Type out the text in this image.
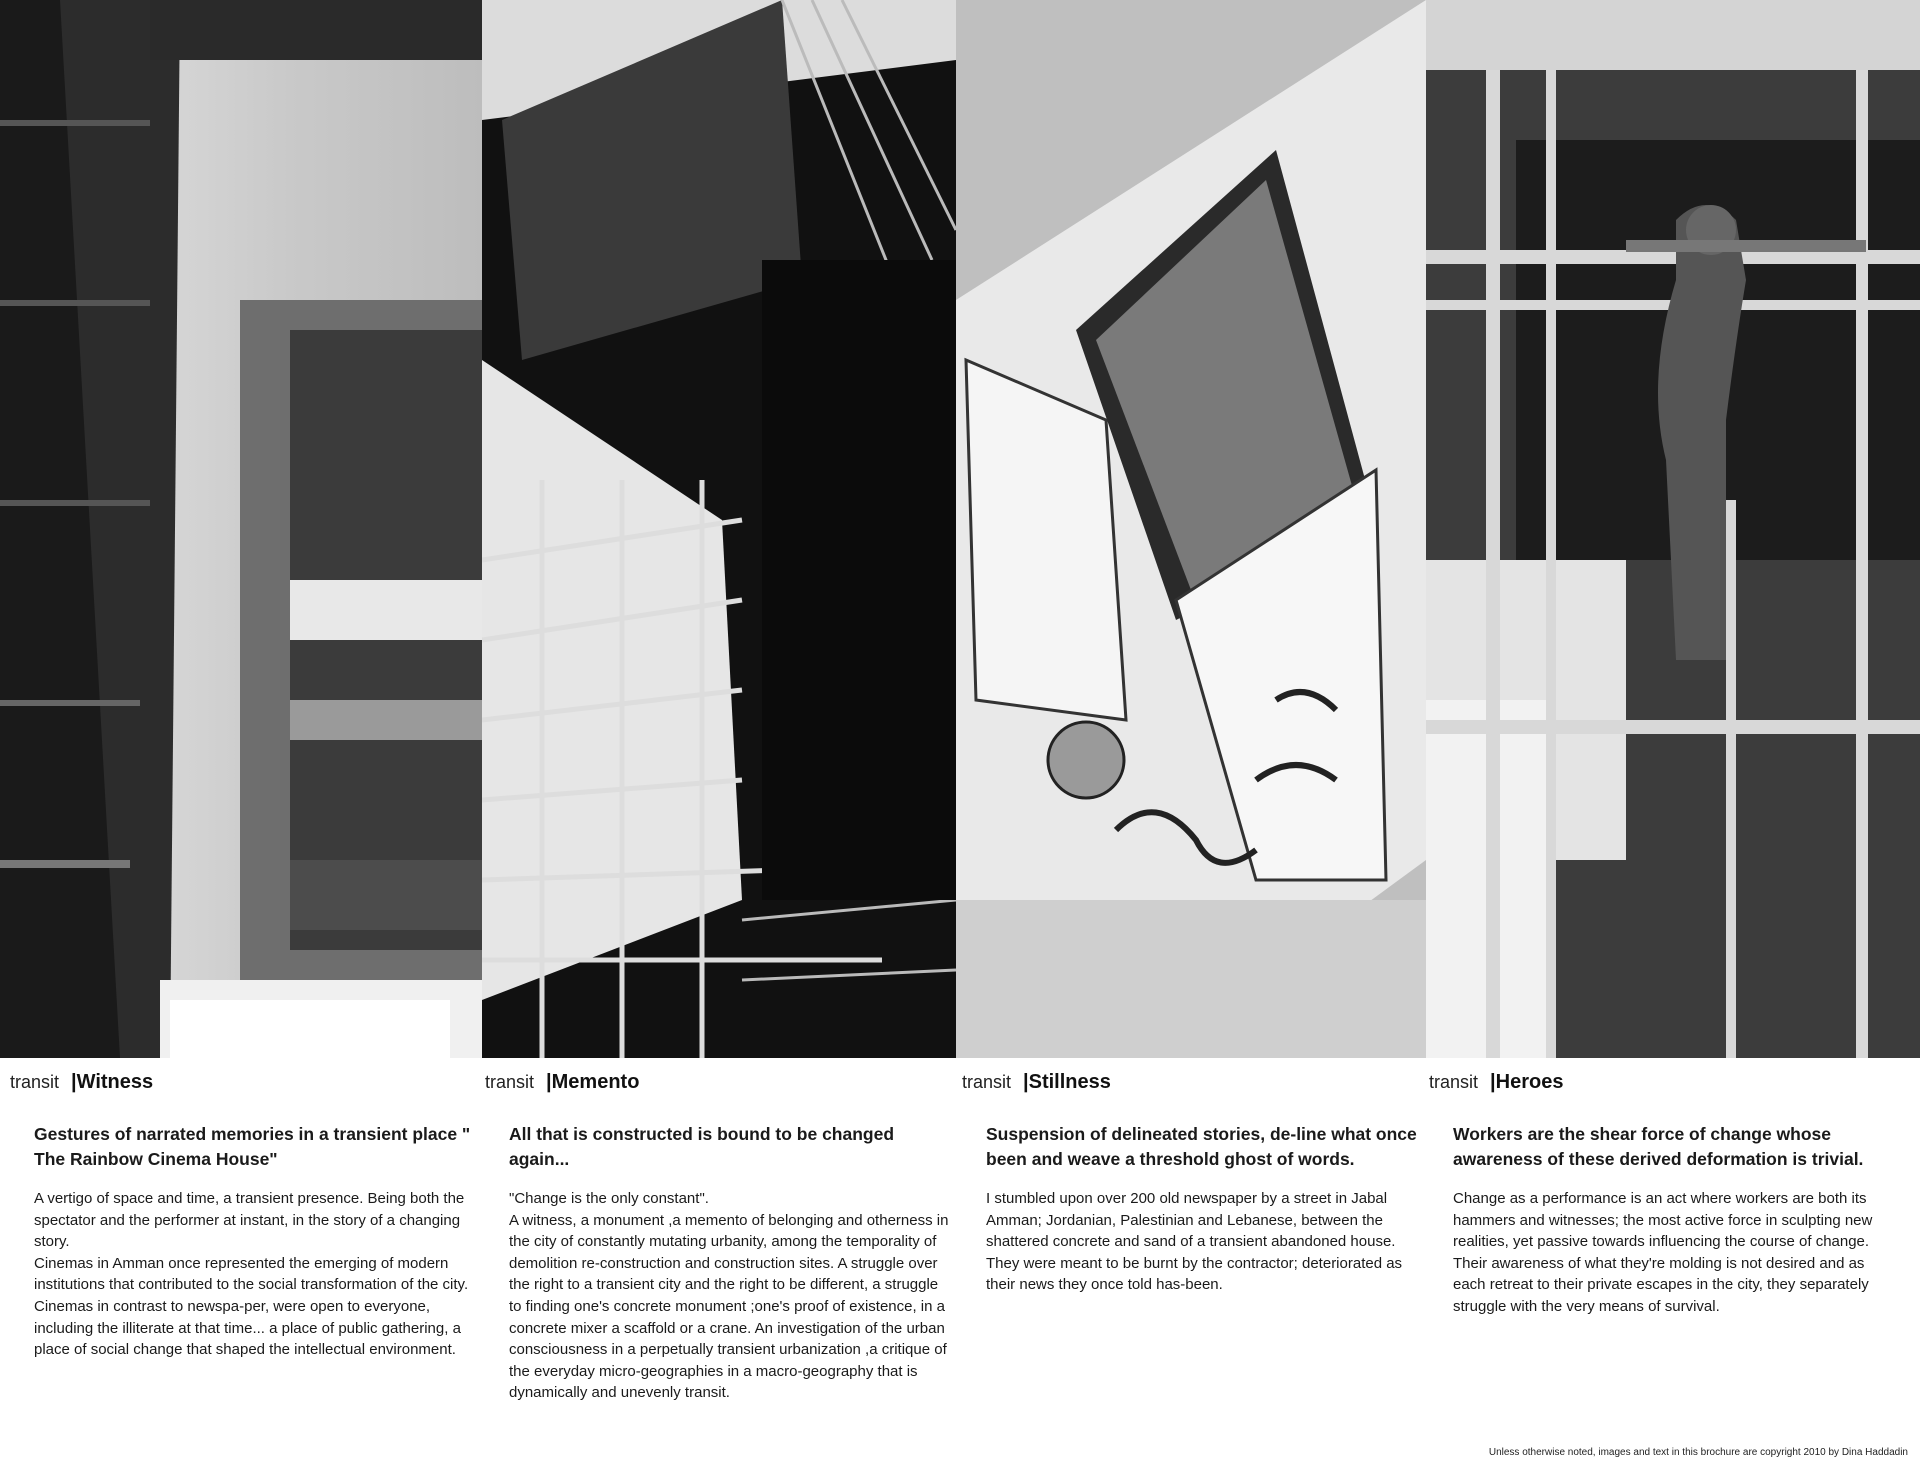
transit |Witness
Gestures of narrated memories in a transient place " The Rainbow Cinema House"

A vertigo of space and time, a transient presence. Being both the spectator and the performer at instant, in the story of a changing story.

Cinemas in Amman once represented the emerging of modern institutions that contributed to the social transformation of the city. Cinemas in contrast to newspa-per, were open to everyone, including the illiterate at that time... a place of public gathering, a place of social change that shaped the intellectual environment.

transit |Memento
All that is constructed is bound to be changed again...

"Change is the only constant".

A witness, a monument ,a memento of belonging and otherness in the city of constantly mutating urbanity, among the temporality of demolition re-construction and construction sites. A struggle over the right to a transient city and the right to be different, a struggle to finding one's concrete monument ;one's proof of existence, in a concrete mixer a scaffold or a crane. An investigation of the urban consciousness in a perpetually transient urbanization ,a critique of the everyday micro-geographies in a macro-geography that is dynamically and unevenly transit.

transit |Stillness
Suspension of delineated stories, de-line what once been and weave a threshold ghost of words.

I stumbled upon over 200 old newspaper by a street in Jabal Amman; Jordanian, Palestinian and Lebanese, between the shattered concrete and sand of a transient abandoned house. They were meant to be burnt by the contractor; deteriorated as their news they once told has-been.

transit |Heroes
Workers are the shear force of change whose awareness of these derived deformation is trivial.

Change as a performance is an act where workers are both its hammers and witnesses; the most active force in sculpting new realities, yet passive towards influencing the course of change. Their awareness of what they're molding is not desired and as each retreat to their private escapes in the city, they separately struggle with the very means of survival.

Unless otherwise noted, images and text in this brochure are copyright 2010 by Dina Haddadin
